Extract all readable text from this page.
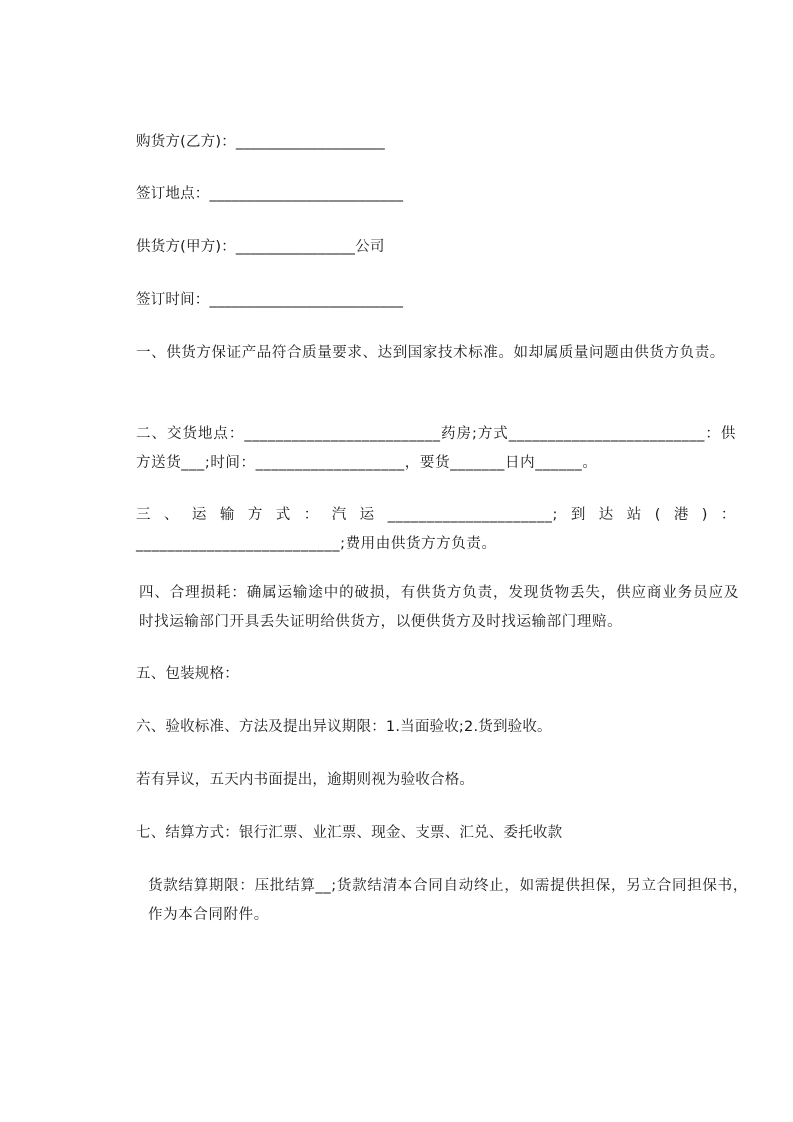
购货方(乙方)：____________________
签订地点：__________________________
供货方(甲方)：________________公司
签订时间：__________________________
一、供货方保证产品符合质量要求、达到国家技术标准。如却属质量问题由供货方负责。
二、交货地点：_________________________药房;方式_________________________：供方送货___;时间：___________________，要货_______日内______。
三、运输方式：汽运_____________________;到达站(港)：__________________________;费用由供货方方负责。
四、合理损耗：确属运输途中的破损，有供货方负责，发现货物丢失，供应商业务员应及时找运输部门开具丢失证明给供货方，以便供货方及时找运输部门理赔。
五、包装规格：
六、验收标准、方法及提出异议期限：1.当面验收;2.货到验收。
若有异议，五天内书面提出，逾期则视为验收合格。
七、结算方式：银行汇票、业汇票、现金、支票、汇兑、委托收款
货款结算期限：压批结算__;货款结清本合同自动终止，如需提供担保，另立合同担保书，作为本合同附件。
